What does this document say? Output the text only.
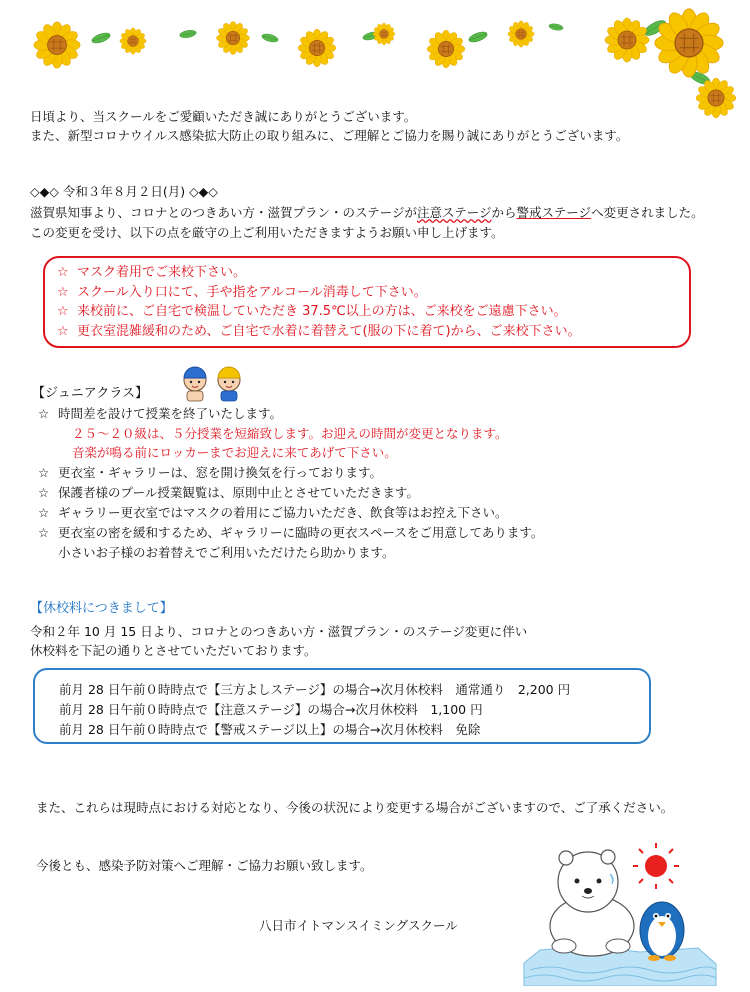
日頃より、当スクールをご愛顧いただき誠にありがとうございます。
また、新型コロナウイルス感染拡大防止の取り組みに、ご理解とご協力を賜り誠にありがとうございます。
◇◆◇ 令和３年８月２日(月) ◇◆◇
滋賀県知事より、コロナとのつきあい方・滋賀プラン・のステージが注意ステージから警戒ステージへ変更されました。
この変更を受け、以下の点を厳守の上ご利用いただきますようお願い申し上げます。
☆ マスク着用でご来校下さい。
☆ スクール入り口にて、手や指をアルコール消毒して下さい。
☆ 来校前に、ご自宅で検温していただき 37.5℃以上の方は、ご来校をご遠慮下さい。
☆ 更衣室混雑緩和のため、ご自宅で水着に着替えて(服の下に着て)から、ご来校下さい。
【ジュニアクラス】
☆ 時間差を設けて授業を終了いたします。
２５～２０級は、５分授業を短縮致します。お迎えの時間が変更となります。
音楽が鳴る前にロッカーまでお迎えに来てあげて下さい。
☆ 更衣室・ギャラリーは、窓を開け換気を行っております。
☆ 保護者様のプール授業観覧は、原則中止とさせていただきます。
☆ ギャラリー更衣室ではマスクの着用にご協力いただき、飲食等はお控え下さい。
☆ 更衣室の密を緩和するため、ギャラリーに臨時の更衣スペースをご用意してあります。
小さいお子様のお着替えでご利用いただけたら助かります。
【休校料につきまして】
令和２年 10 月 15 日より、コロナとのつきあい方・滋賀プラン・のステージ変更に伴い
休校料を下記の通りとさせていただいております。
前月 28 日午前０時時点で【三方よしステージ】の場合→次月休校料　通常通り　2,200 円
前月 28 日午前０時時点で【注意ステージ】の場合→次月休校料　1,100 円
前月 28 日午前０時時点で【警戒ステージ以上】の場合→次月休校料　免除
また、これらは現時点における対応となり、今後の状況により変更する場合がございますので、ご了承ください。
今後とも、感染予防対策へご理解・ご協力お願い致します。
八日市イトマンスイミングスクール
